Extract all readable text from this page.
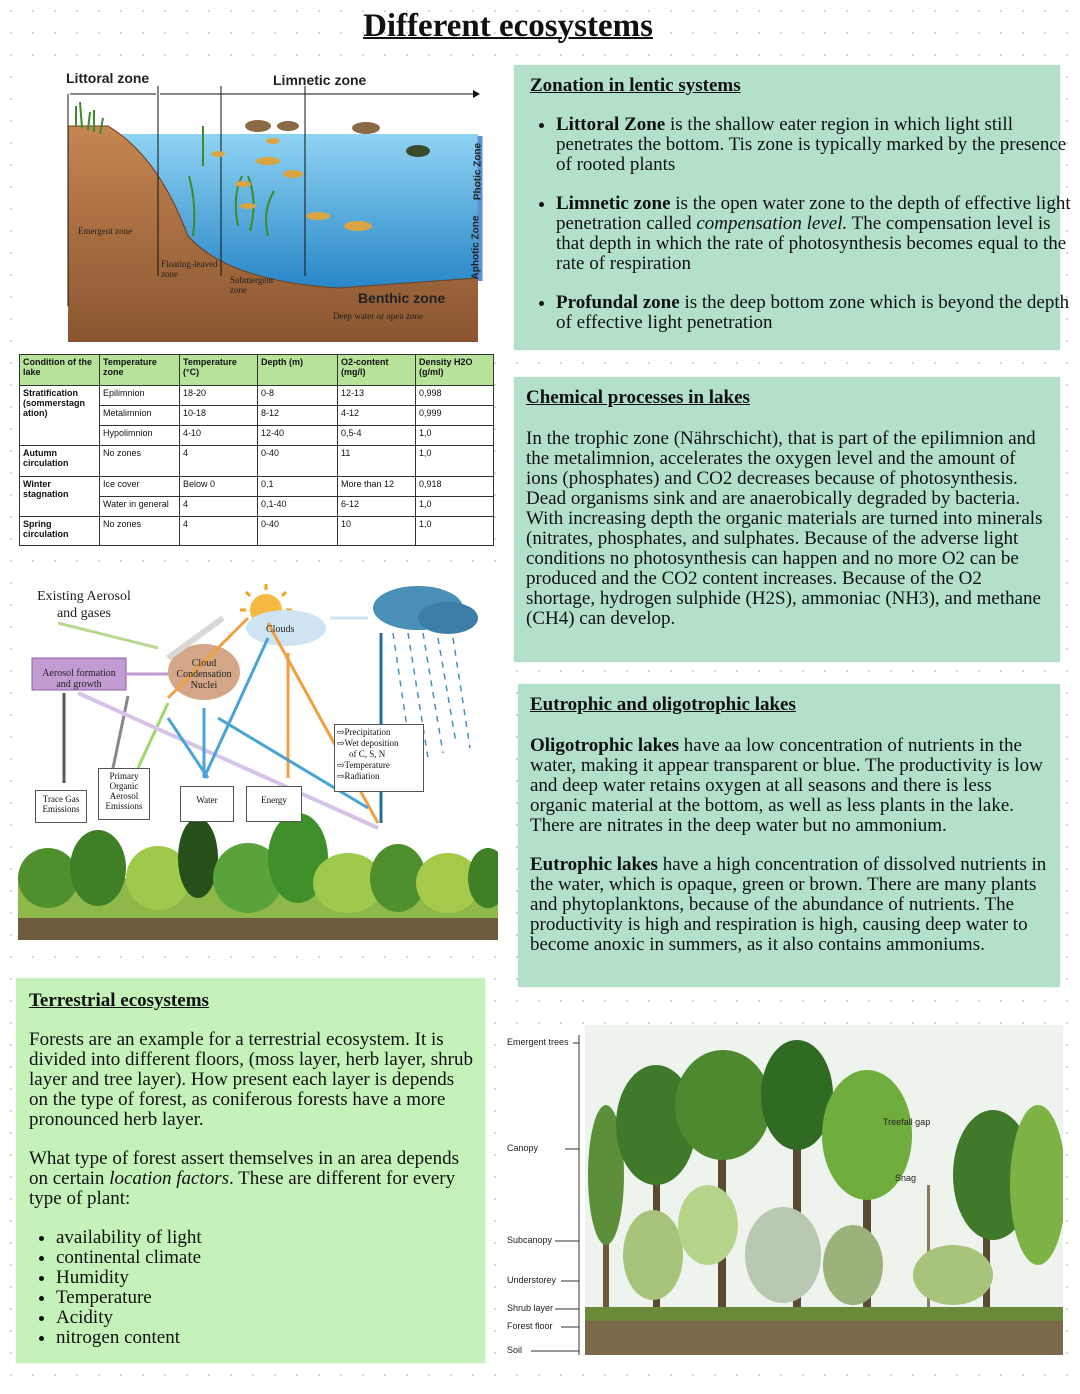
Different ecosystems
Littoral zone	Limnetic zone
Emergent zone
Floating-leaved zone
Submergent zone	Benthic zone
Deep water or open zone
Photic Zone
Aphotic Zone
Zonation in lentic systems
• Littoral Zone is the shallow eater region in which light still penetrates the bottom. Tis zone is typically marked by the presence of rooted plants
• Limnetic zone is the open water zone to the depth of effective light penetration called compensation level. The compensation level is that depth in which the rate of photosynthesis becomes equal to the rate of respiration
• Profundal zone is the deep bottom zone which is beyond the depth of effective light penetration
Condition of the lake	Temperature zone	Temperature (°C)	Depth (m)	O2-content (mg/l)	Density H2O (g/ml)
Stratification (sommerstagn ation)	Epilimnion	18-20	0-8	12-13	0,998
	Metalimnion	10-18	8-12	4-12	0,999
	Hypolimnion	4-10	12-40	0,5-4	1,0
Autumn circulation	No zones	4	0-40	11	1,0
Winter stagnation	Ice cover	Below 0	0,1	More than 12	0,918
	Water in general	4	0,1-40	6-12	1,0
Spring circulation	No zones	4	0-40	10	1,0
Chemical processes in lakes

In the trophic zone (Nährschicht), that is part of the epilimnion and the metalimnion, accelerates the oxygen level and the amount of ions (phosphates) and CO2 decreases because of photosynthesis. Dead organisms sink and are anaerobically degraded by bacteria. With increasing depth the organic materials are turned into minerals (nitrates, phosphates, and sulphates. Because of the adverse light conditions no photosynthesis can happen and no more O2 can be produced and the CO2 content increases. Because of the O2 shortage, hydrogen sulphide (H2S), ammoniac (NH3), and methane (CH4) can develop.

Existing Aerosol and gases
Clouds
Aerosol formation and growth
Cloud Condensation Nuclei
⇨Precipitation
⇨Wet deposition
of C, S, N
⇨Temperature
⇨Radiation
Trace Gas Emissions
Primary Organic Aerosol Emissions
Water	Energy
Eutrophic and oligotrophic lakes

Oligotrophic lakes have aa low concentration of nutrients in the water, making it appear transparent or blue. The productivity is low and deep water retains oxygen at all seasons and there is less organic material at the bottom, as well as less plants in the lake. There are nitrates in the deep water but no ammonium.

Eutrophic lakes have a high concentration of dissolved nutrients in the water, which is opaque, green or brown. There are many plants and phytoplanktons, because of the abundance of nutrients. The productivity is high and respiration is high, causing deep water to become anoxic in summers, as it also contains ammoniums.

Terrestrial ecosystems

Forests are an example for a terrestrial ecosystem. It is divided into different floors, (moss layer, herb layer, shrub layer and tree layer). How present each layer is depends on the type of forest, as coniferous forests have a more pronounced herb layer.

What type of forest assert themselves in an area depends on certain location factors. These are different for every type of plant:

• availability of light
• continental climate
• Humidity
• Temperature
• Acidity
• nitrogen content
Emergent trees
Canopy
Subcanopy
Understorey
Shrub layer
Forest floor
Soil
Treefall gap
Snag
